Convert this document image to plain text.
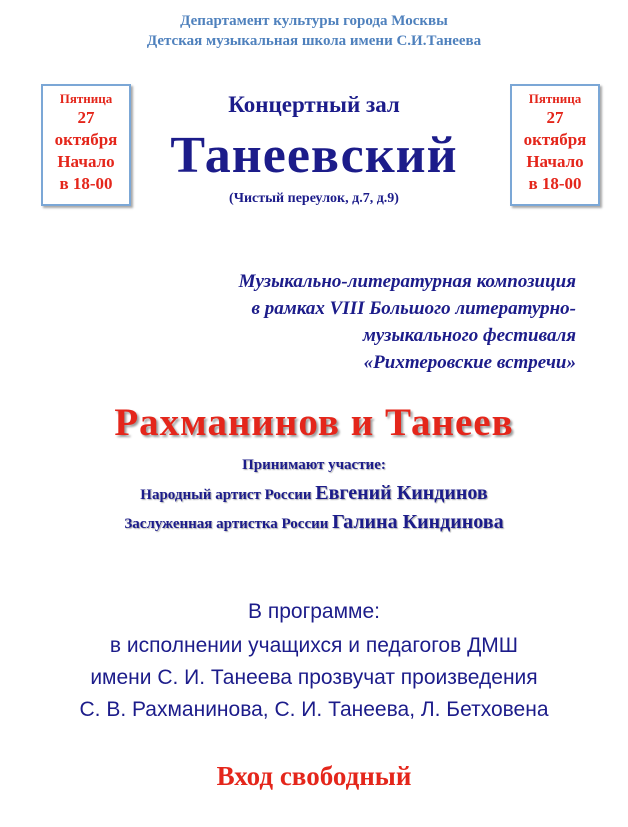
Департамент культуры города Москвы
Детская музыкальная школа имени С.И.Танеева
Пятница
27
октября
Начало
в 18-00
Пятница
27
октября
Начало
в 18-00
Концертный зал
Танеевский
(Чистый переулок, д.7, д.9)
Музыкально-литературная композиция
в рамках VIII Большого литературно-
музыкального фестиваля
«Рихтеровские встречи»
Рахманинов и Танеев
Принимают участие:
Народный артист России Евгений Киндинов
Заслуженная артистка России Галина Киндинова
В программе:
в исполнении учащихся и педагогов ДМШ
имени С. И. Танеева прозвучат произведения
С. В. Рахманинова, С. И. Танеева, Л. Бетховена
Вход свободный
